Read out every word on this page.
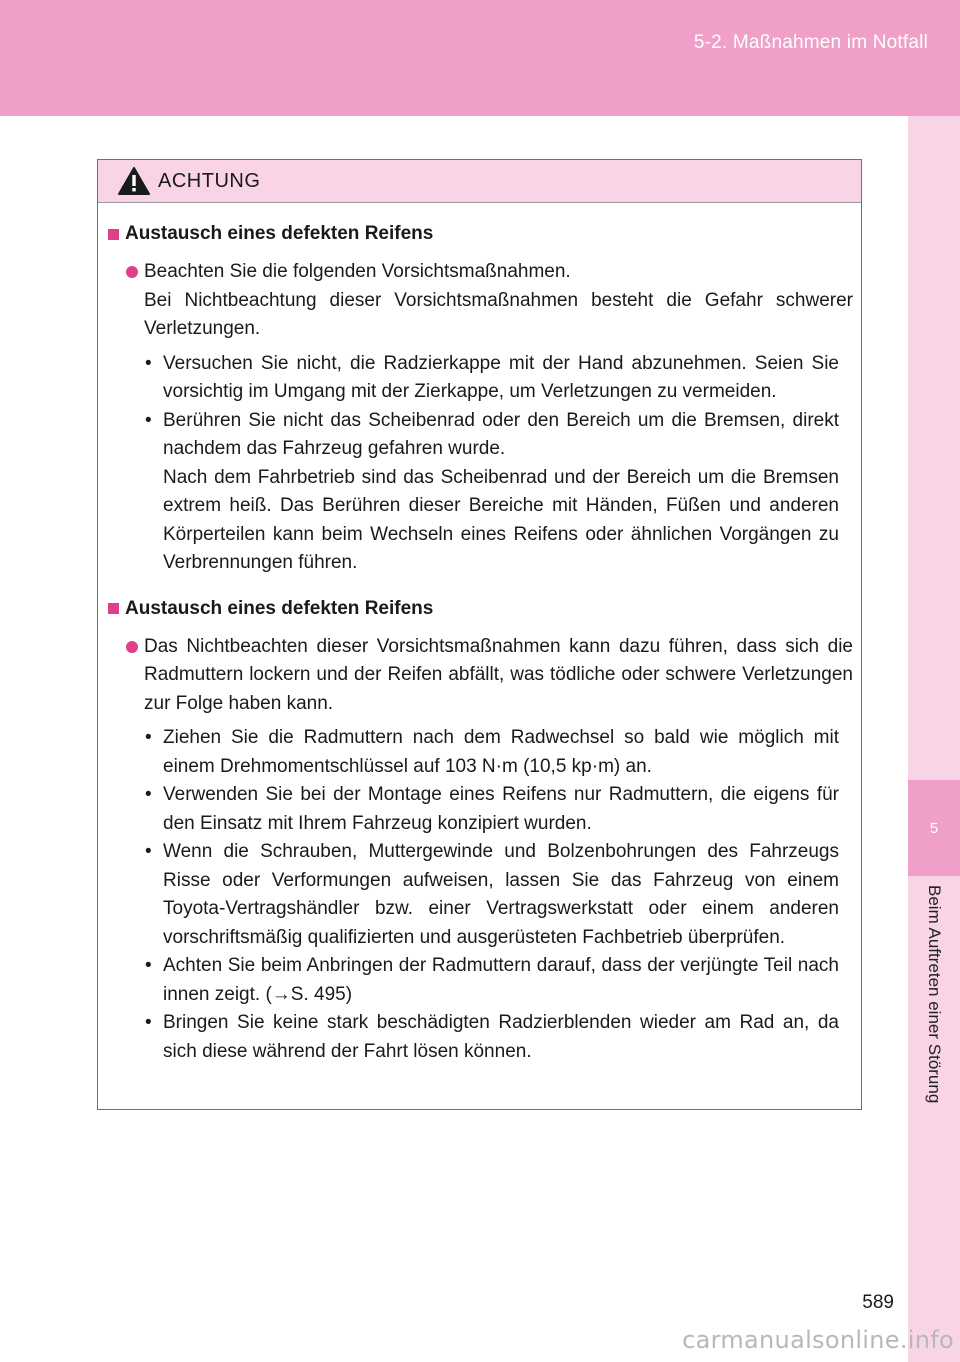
5-2. Maßnahmen im Notfall
5
Beim Auftreten einer Störung
ACHTUNG
Austausch eines defekten Reifens

Beachten Sie die folgenden Vorsichtsmaßnahmen.

Bei Nichtbeachtung dieser Vorsichtsmaßnahmen besteht die Gefahr schwerer Verletzungen.

• Versuchen Sie nicht, die Radzierkappe mit der Hand abzunehmen. Seien Sie vorsichtig im Umgang mit der Zierkappe, um Verletzungen zu vermeiden.
• Berühren Sie nicht das Scheibenrad oder den Bereich um die Bremsen, direkt nachdem das Fahrzeug gefahren wurde.
Nach dem Fahrbetrieb sind das Scheibenrad und der Bereich um die Bremsen extrem heiß. Das Berühren dieser Bereiche mit Händen, Füßen und anderen Körperteilen kann beim Wechseln eines Reifens oder ähnlichen Vorgängen zu Verbrennungen führen.
Austausch eines defekten Reifens

Das Nichtbeachten dieser Vorsichtsmaßnahmen kann dazu führen, dass sich die Radmuttern lockern und der Reifen abfällt, was tödliche oder schwere Verletzungen zur Folge haben kann.

• Ziehen Sie die Radmuttern nach dem Radwechsel so bald wie möglich mit einem Drehmomentschlüssel auf 103 N·m (10,5 kp·m) an.
• Verwenden Sie bei der Montage eines Reifens nur Radmuttern, die eigens für den Einsatz mit Ihrem Fahrzeug konzipiert wurden.
• Wenn die Schrauben, Muttergewinde und Bolzenbohrungen des Fahrzeugs Risse oder Verformungen aufweisen, lassen Sie das Fahrzeug von einem Toyota-Vertragshändler bzw. einer Vertragswerkstatt oder einem anderen vorschriftsmäßig qualifizierten und ausgerüsteten Fachbetrieb überprüfen.
• Achten Sie beim Anbringen der Radmuttern darauf, dass der verjüngte Teil nach innen zeigt. (→S. 495)
• Bringen Sie keine stark beschädigten Radzierblenden wieder am Rad an, da sich diese während der Fahrt lösen können.
589
carmanualsonline.info
